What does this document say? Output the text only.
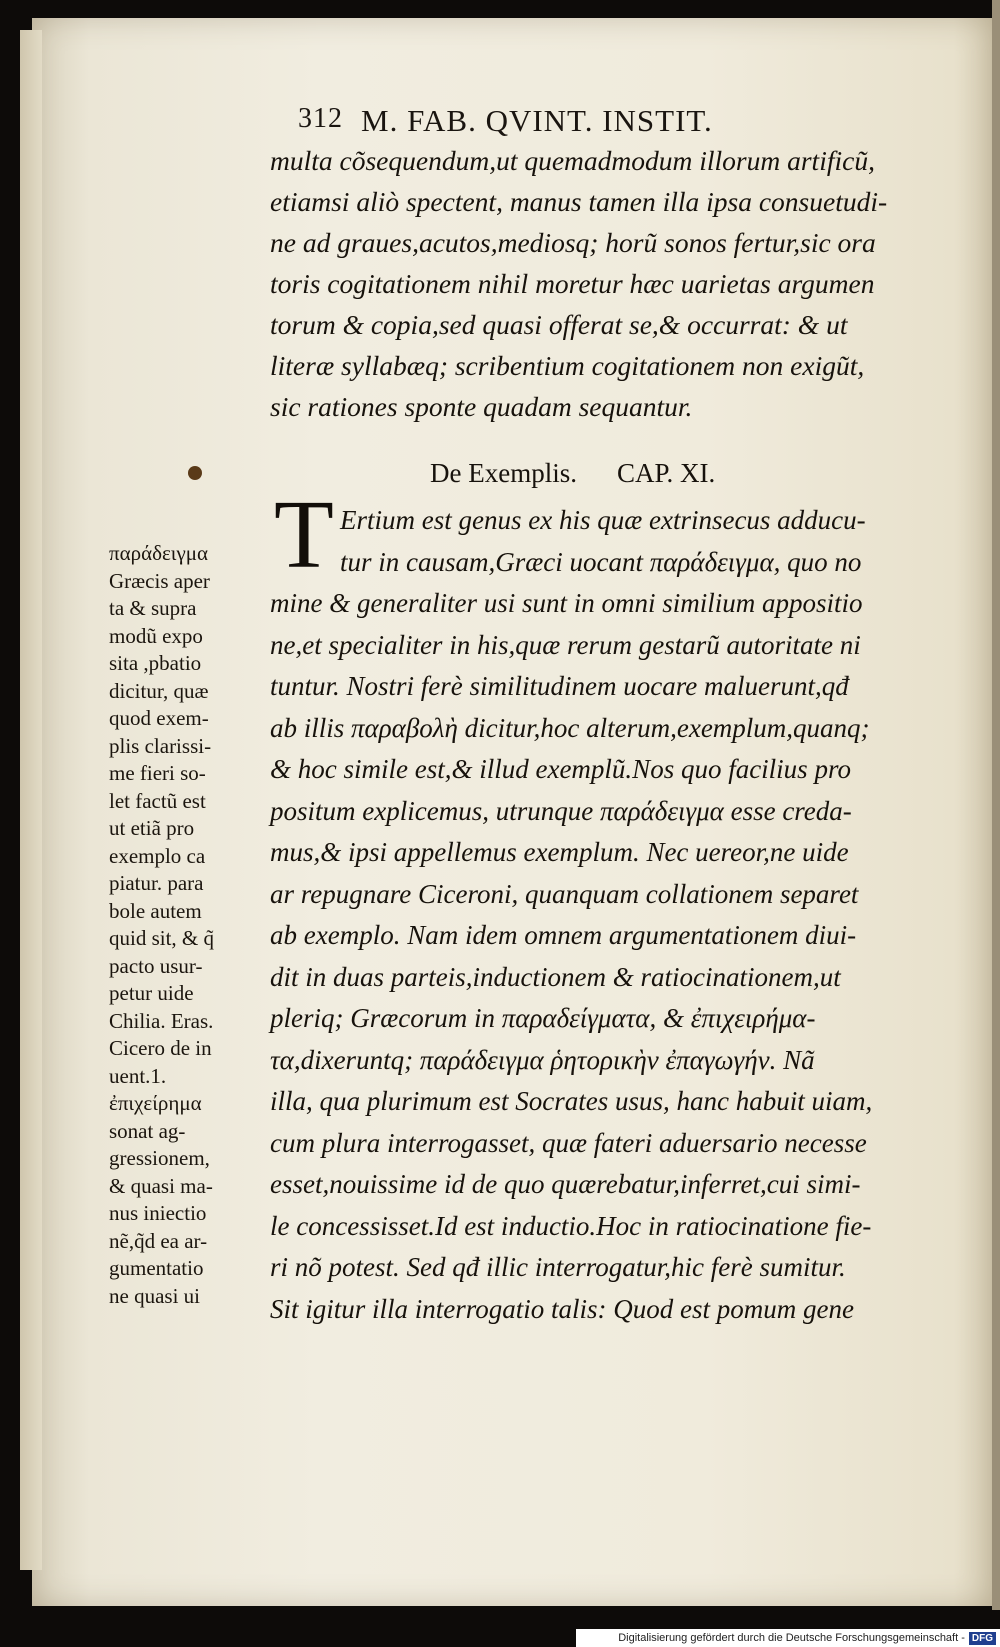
312 M. FAB. QVINT. INSTIT.
multa cõsequendum,ut quemadmodum illorum artificũ,
etiamsi aliò spectent, manus tamen illa ipsa consuetudi-
ne ad graues,acutos,mediosq; horũ sonos fertur,sic ora
toris cogitationem nihil moretur hæc uarietas argumen
torum & copia,sed quasi offerat se,& occurrat: & ut
literæ syllabæq; scribentium cogitationem non exigũt,
sic rationes sponte quadam sequantur.
De Exemplis. CAP. XI.
T Ertium est genus ex his quæ extrinsecus adducu-
tur in causam,Græci uocant παράδειγμα, quo no
mine & generaliter usi sunt in omni similium appositio
ne,et specialiter in his,quæ rerum gestarũ autoritate ni
tuntur. Nostri ferè similitudinem uocare maluerunt,qđ
ab illis παραβολὴ dicitur,hoc alterum,exemplum,quanq;
& hoc simile est,& illud exemplũ.Nos quo facilius pro
positum explicemus, utrunque παράδειγμα esse creda-
mus,& ipsi appellemus exemplum. Nec uereor,ne uide
ar repugnare Ciceroni, quanquam collationem separet
ab exemplo. Nam idem omnem argumentationem diui-
dit in duas parteis,inductionem & ratiocinationem,ut
pleriq; Græcorum in παραδείγματα, & ἐπιχειρήμα-
τα,dixeruntq; παράδειγμα ῥητορικὴν ἐπαγωγήν. Nã
illa, qua plurimum est Socrates usus, hanc habuit uiam,
cum plura interrogasset, quæ fateri aduersario necesse
esset,nouissime id de quo quærebatur,inferret,cui simi-
le concessisset.Id est inductio.Hoc in ratiocinatione fie-
ri nõ potest. Sed qđ illic interrogatur,hic ferè sumitur.
Sit igitur illa interrogatio talis: Quod est pomum gene
παράδειγμα
Græcis aper
ta & supra
modũ expo
sita ,pbatio
dicitur, quæ
quod exem-
plis clarissi-
me fieri so-
let factũ est
ut etiã pro
exemplo ca
piatur. para
bole autem
quid sit, & q̃
pacto usur-
petur uide
Chilia. Eras.
Cicero de in
uent.1.
ἐπιχείρημα
sonat ag-
gressionem,
& quasi ma-
nus iniectio
nẽ,q̃d ea ar-
gumentatio
ne quasi ui
Digitalisierung gefördert durch die Deutsche Forschungsgemeinschaft - DFG
